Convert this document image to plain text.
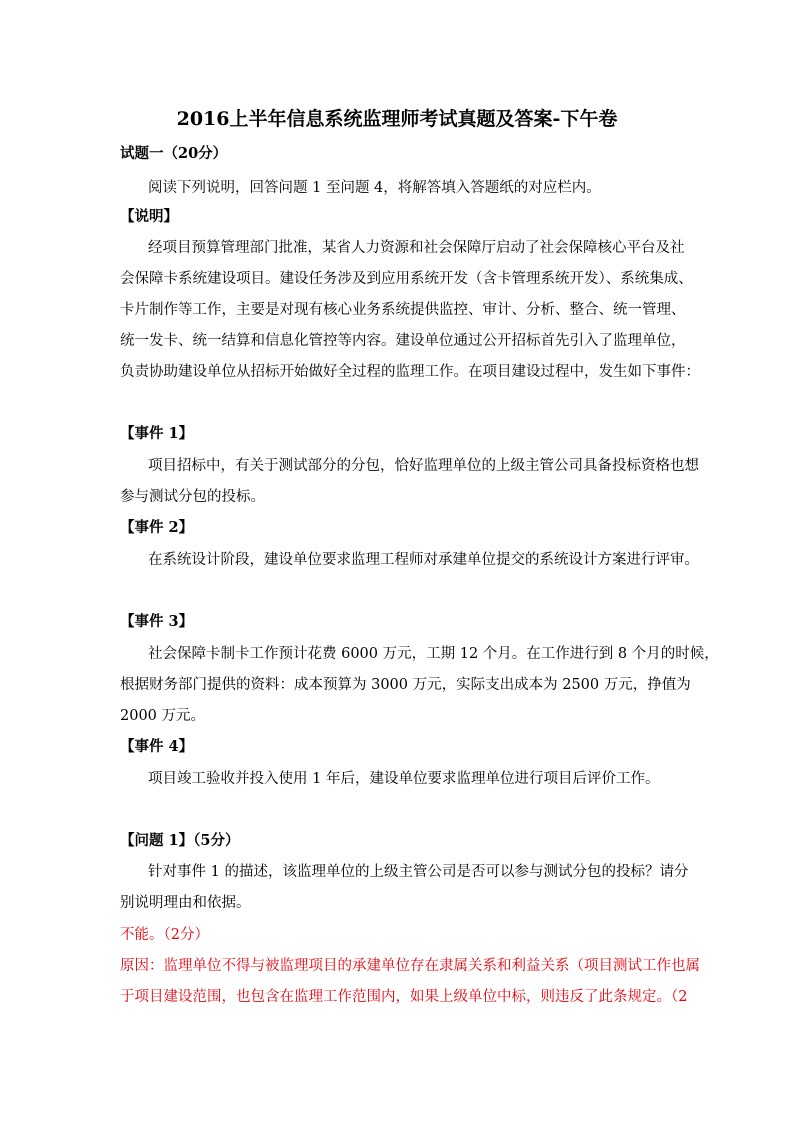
2016上半年信息系统监理师考试真题及答案-下午卷
试题一（20分）
阅读下列说明，回答问题 1 至问题 4，将解答填入答题纸的对应栏内。
【说明】
经项目预算管理部门批准，某省人力资源和社会保障厅启动了社会保障核心平台及社
会保障卡系统建设项目。建设任务涉及到应用系统开发（含卡管理系统开发）、系统集成、
卡片制作等工作，主要是对现有核心业务系统提供监控、审计、分析、整合、统一管理、
统一发卡、统一结算和信息化管控等内容。建设单位通过公开招标首先引入了监理单位，
负责协助建设单位从招标开始做好全过程的监理工作。在项目建设过程中，发生如下事件：
【事件 1】
项目招标中，有关于测试部分的分包，恰好监理单位的上级主管公司具备投标资格也想
参与测试分包的投标。
【事件 2】
在系统设计阶段，建设单位要求监理工程师对承建单位提交的系统设计方案进行评审。
【事件 3】
社会保障卡制卡工作预计花费 6000 万元，工期 12 个月。在工作进行到 8 个月的时候，
根据财务部门提供的资料：成本预算为 3000 万元，实际支出成本为 2500 万元，挣值为
2000 万元。
【事件 4】
项目竣工验收并投入使用 1 年后，建设单位要求监理单位进行项目后评价工作。
【问题 1】（5分）
针对事件 1 的描述，该监理单位的上级主管公司是否可以参与测试分包的投标？请分
别说明理由和依据。
不能。（2分）
原因：监理单位不得与被监理项目的承建单位存在隶属关系和利益关系（项目测试工作也属
于项目建设范围，也包含在监理工作范围内，如果上级单位中标，则违反了此条规定。（2
